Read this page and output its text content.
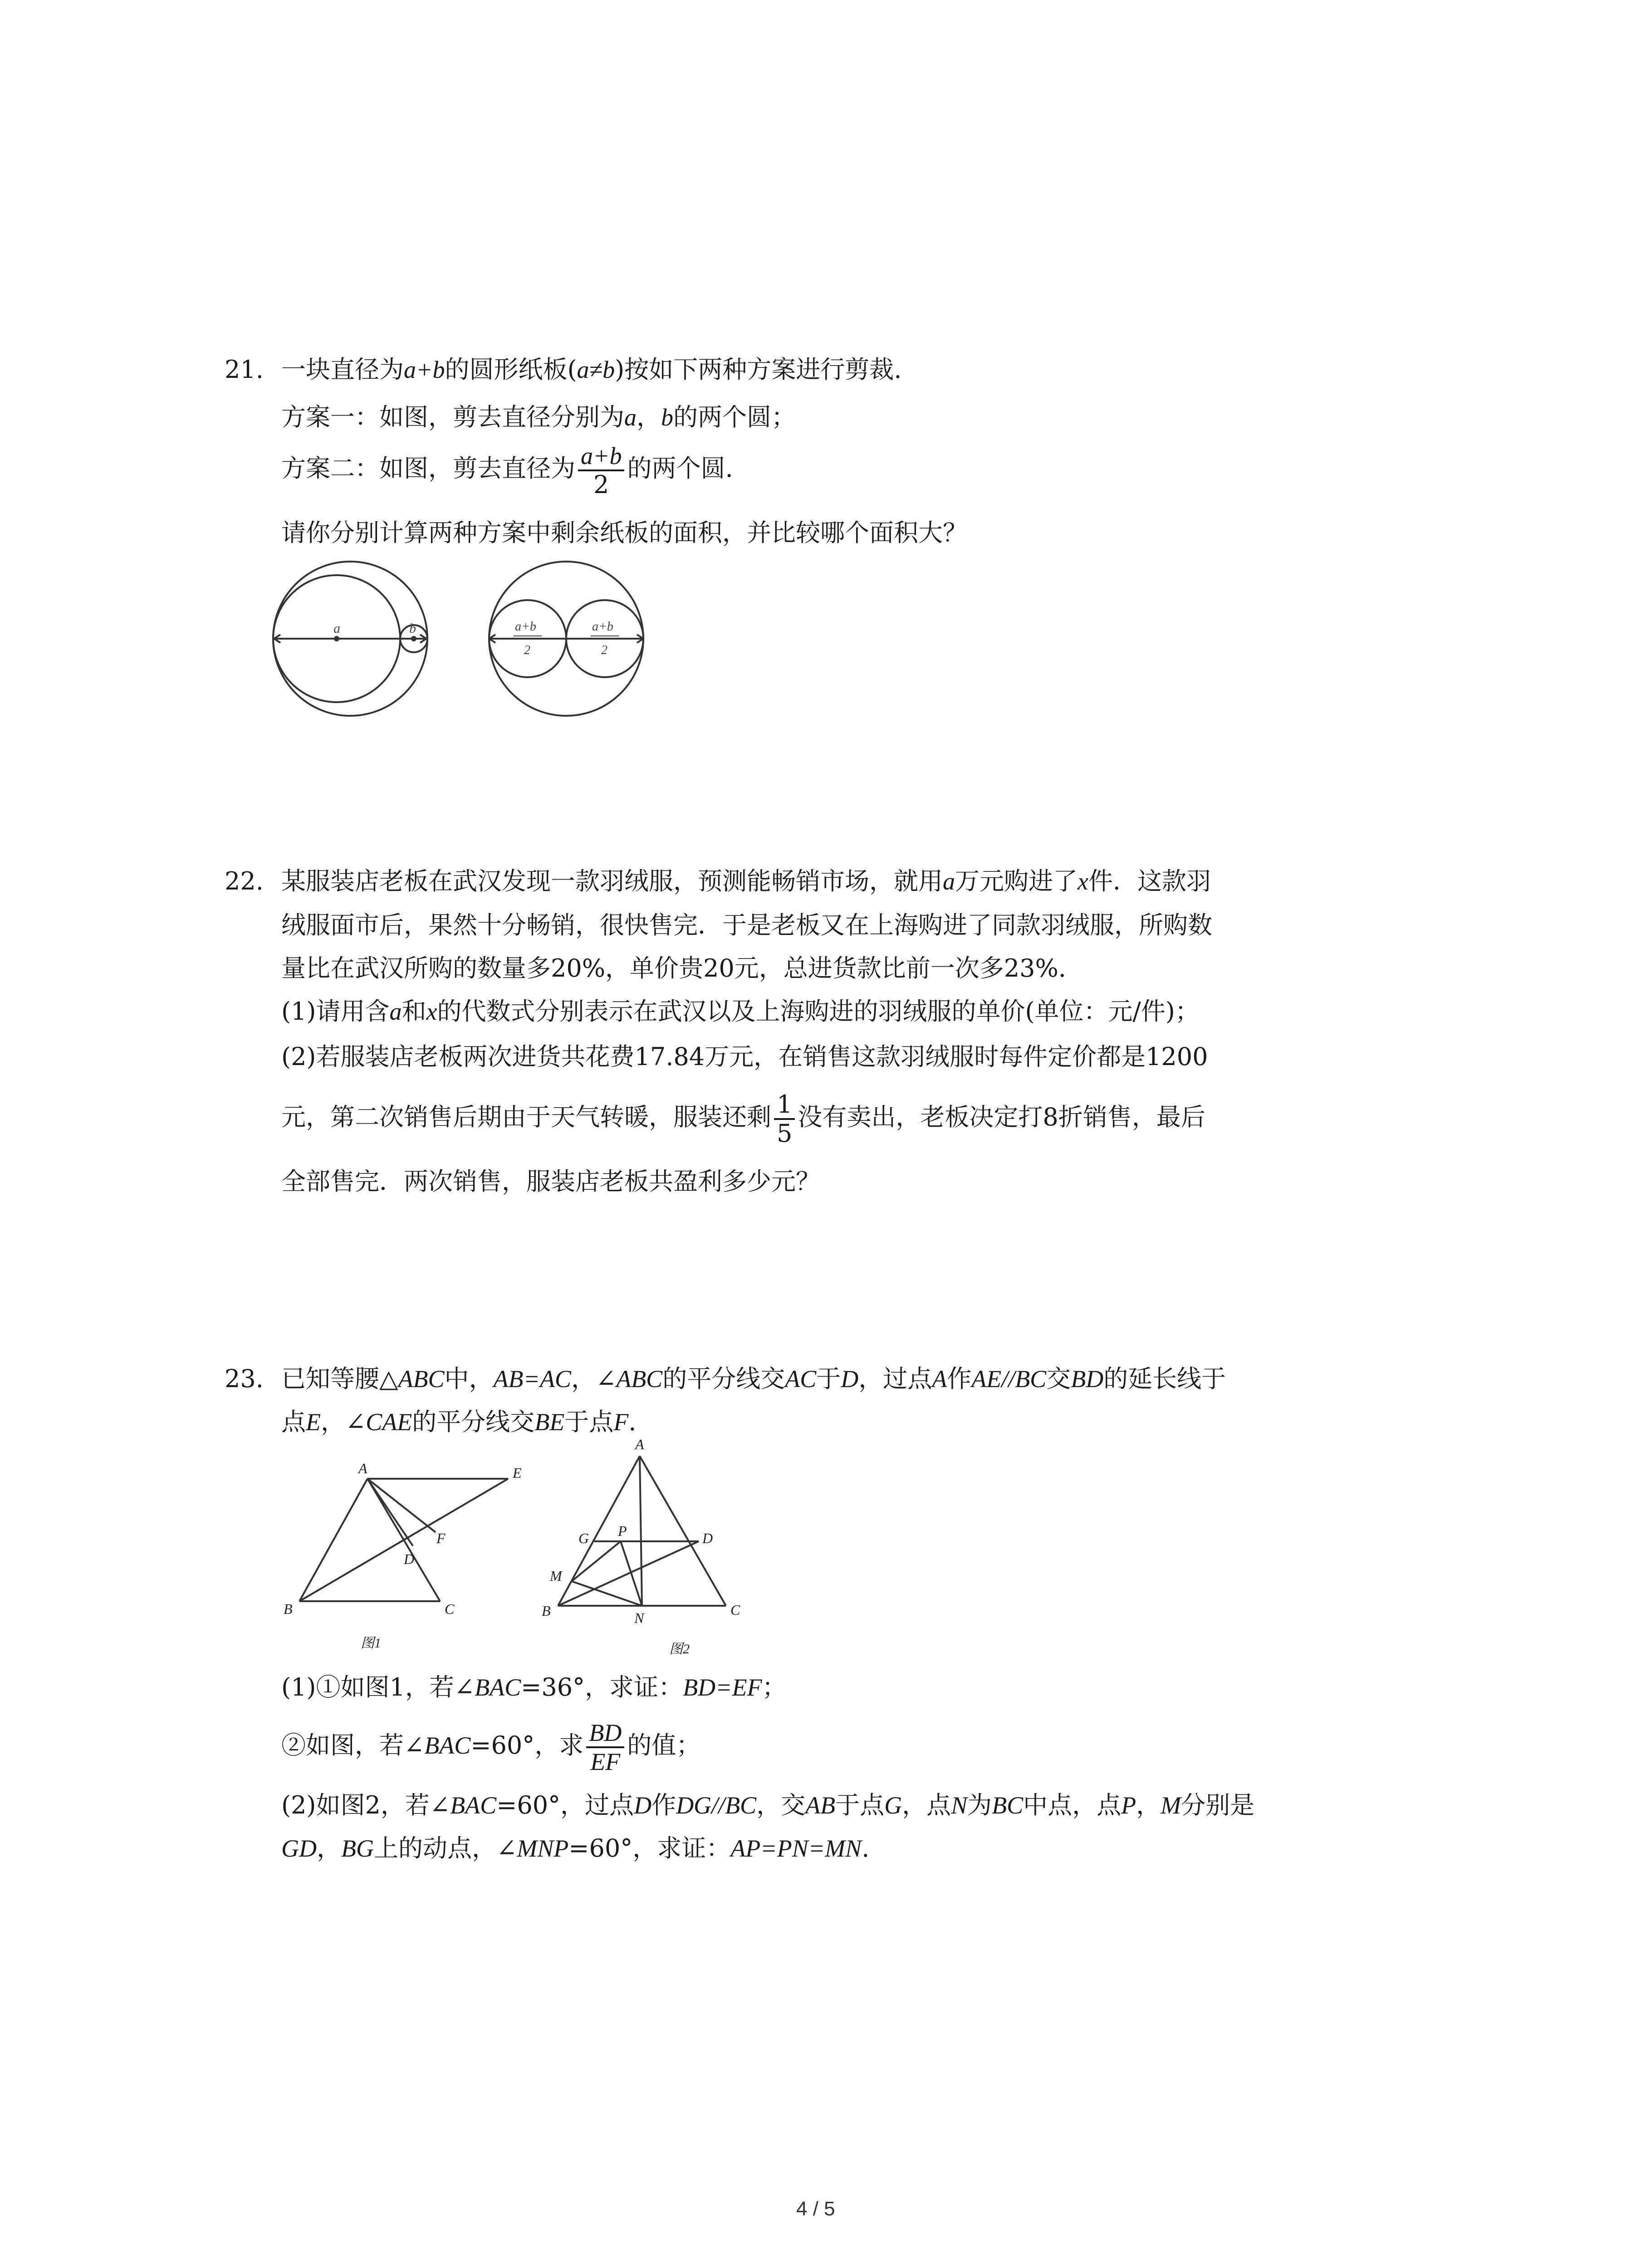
21. 一块直径为a+b的圆形纸板(a≠b)按如下两种方案进行剪裁.
方案一：如图，剪去直径分别为a，b的两个圆；
方案二：如图，剪去直径为 $\frac{a+b}{2}$ 的两个圆.
请你分别计算两种方案中剩余纸板的面积，并比较哪个面积大？
a	b	a+b
2
a+b
2
22. 某服装店老板在武汉发现一款羽绒服，预测能畅销市场，就用a万元购进了x件．这款羽
绒服面市后，果然十分畅销，很快售完．于是老板又在上海购进了同款羽绒服，所购数
量比在武汉所购的数量多20%，单价贵20元，总进货款比前一次多23%.
(1)请用含a和x的代数式分别表示在武汉以及上海购进的羽绒服的单价(单位：元/件)；
(2)若服装店老板两次进货共花费17.84万元，在销售这款羽绒服时每件定价都是1200
元，第二次销售后期由于天气转暖，服装还剩 $\frac{1}{5}$ 没有卖出，老板决定打8折销售，最后
全部售完．两次销售，服装店老板共盈利多少元？
23. 已知等腰△ABC中，AB=AC，∠ABC的平分线交AC于D，过点A作AE//BC交BD的延长线于
点E，∠CAE的平分线交BE于点F.
A	E
F
D
B	C
图1
A
G P	D
M
B	N	C
图2
(1)①如图1，若∠BAC=36°，求证：BD=EF；
②如图，若∠BAC=60°，求 $\frac{BD}{EF}$ 的值；
(2)如图2，若∠BAC=60°，过点D作DG//BC，交AB于点G，点N为BC中点，点P，M分别是
GD，BG上的动点，∠MNP=60°，求证：AP=PN=MN.
4 / 5
